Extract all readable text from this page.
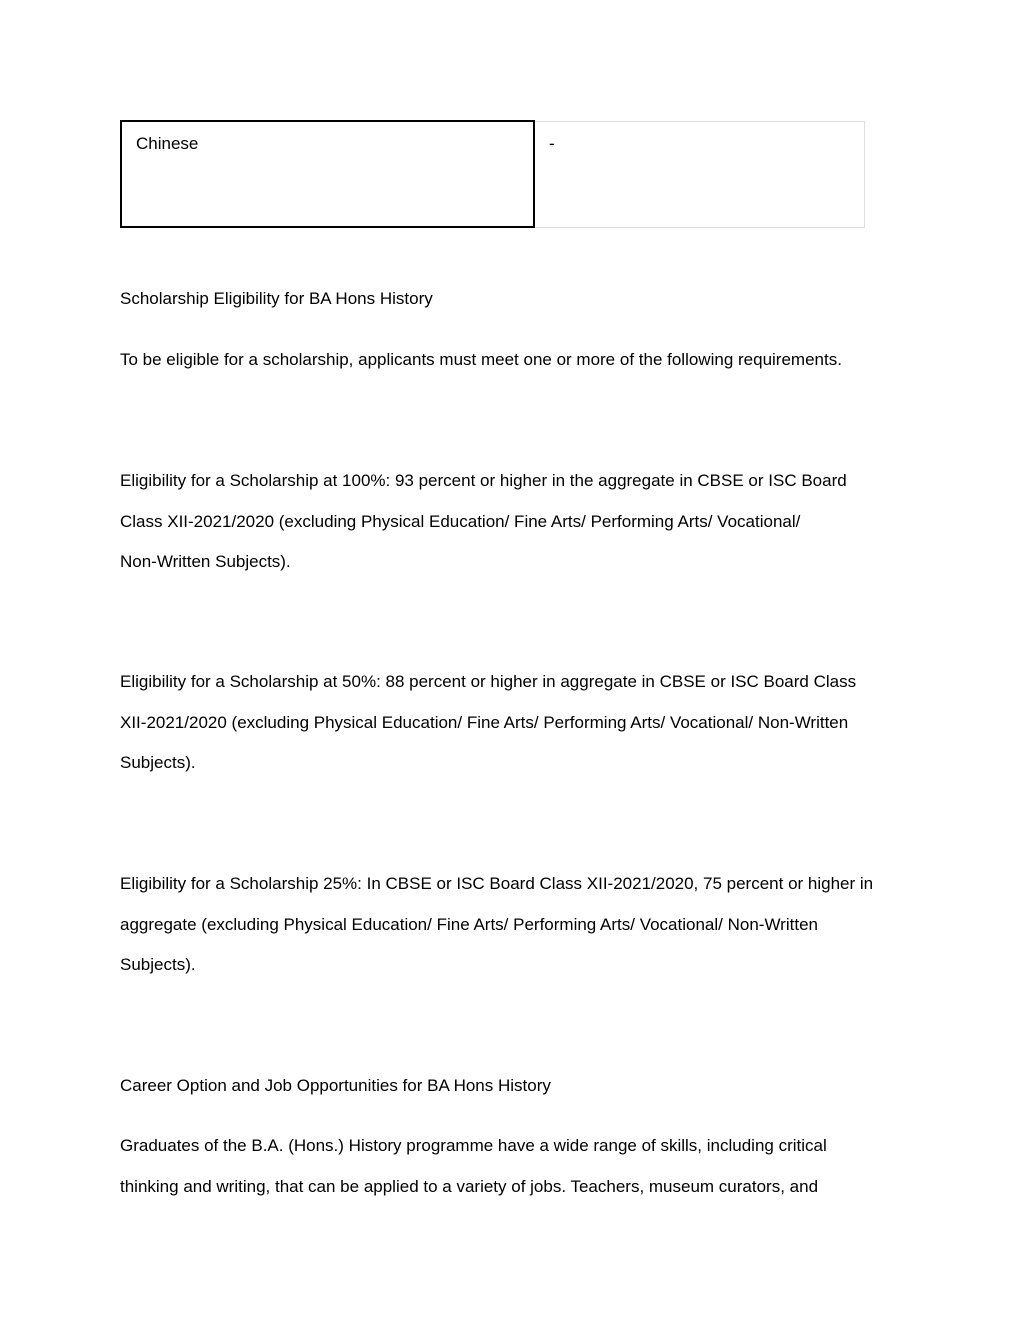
Chinese	-

Scholarship Eligibility for BA Hons History

To be eligible for a scholarship, applicants must meet one or more of the following requirements.

Eligibility for a Scholarship at 100%: 93 percent or higher in the aggregate in CBSE or ISC Board
Class XII-2021/2020 (excluding Physical Education/ Fine Arts/ Performing Arts/ Vocational/
Non-Written Subjects).
Eligibility for a Scholarship at 50%: 88 percent or higher in aggregate in CBSE or ISC Board Class
XII-2021/2020 (excluding Physical Education/ Fine Arts/ Performing Arts/ Vocational/ Non-Written
Subjects).
Eligibility for a Scholarship 25%: In CBSE or ISC Board Class XII-2021/2020, 75 percent or higher in
aggregate (excluding Physical Education/ Fine Arts/ Performing Arts/ Vocational/ Non-Written
Subjects).

Career Option and Job Opportunities for BA Hons History

Graduates of the B.A. (Hons.) History programme have a wide range of skills, including critical
thinking and writing, that can be applied to a variety of jobs. Teachers, museum curators, and
